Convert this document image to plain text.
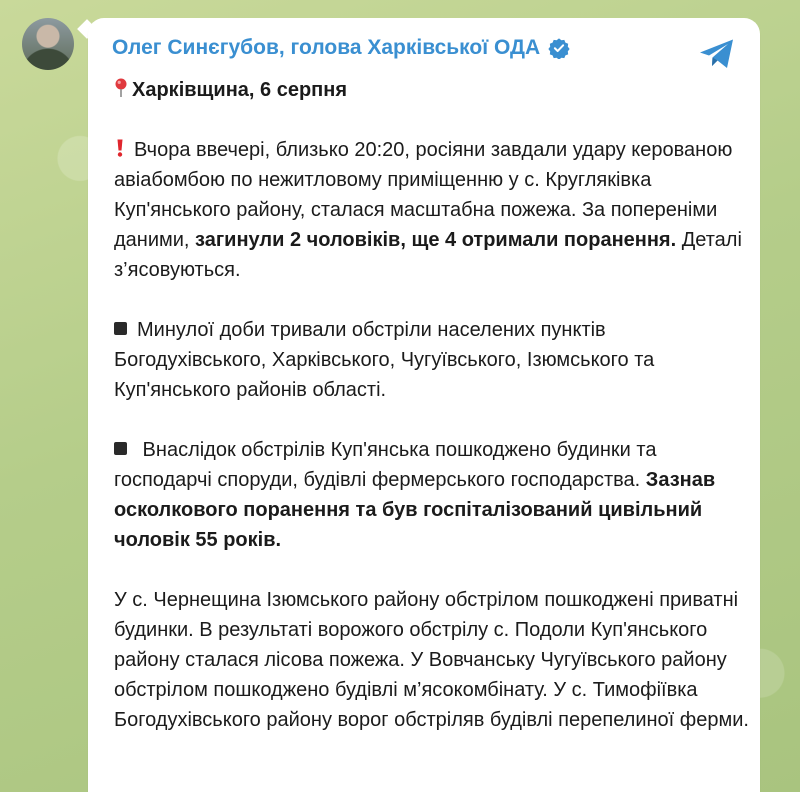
Олег Синєгубов, голова Харківської ОДА

Харківщина, 6 серпня

Вчора ввечері, близько 20:20, росіяни завдали удару керованою авіабомбою по нежитловому приміщенню у с. Кругляківка Куп'янського району, сталася масштабна пожежа. За попереніми даними, загинули 2 чоловіків, ще 4 отримали поранення. Деталі з’ясовуються.

Минулої доби тривали обстріли населених пунктів Богодухівського, Харківського, Чугуївського, Ізюмського та Куп'янського районів області.

Внаслідок обстрілів Куп'янська пошкоджено будинки та господарчі споруди, будівлі фермерського господарства. Зазнав осколкового поранення та був госпіталізований цивільний чоловік 55 років.

У с. Чернещина Ізюмського району обстрілом пошкоджені приватні будинки. В результаті ворожого обстрілу с. Подоли Куп'янського району сталася лісова пожежа. У Вовчанську Чугуївського району обстрілом пошкоджено будівлі м’ясокомбінату. У с. Тимофіївка Богодухівського району ворог обстріляв будівлі перепелиної ферми.
